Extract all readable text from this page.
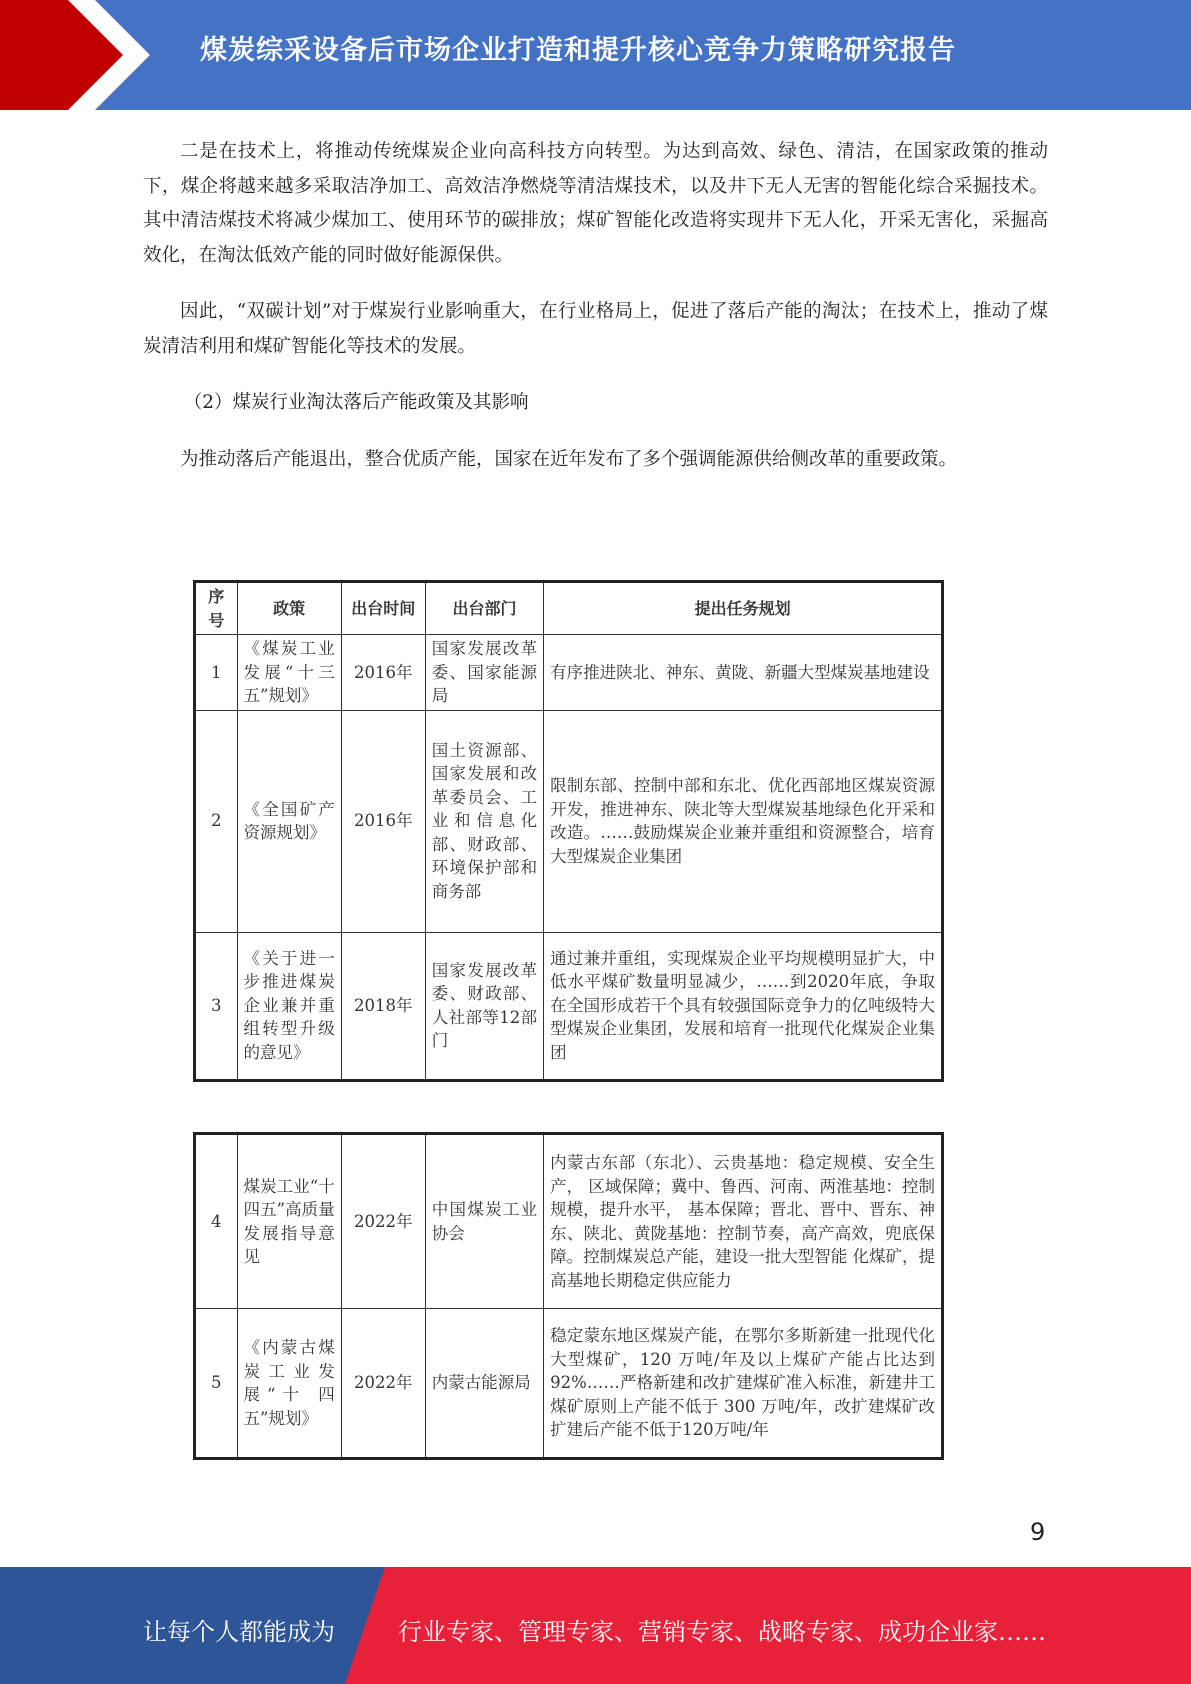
煤炭综采设备后市场企业打造和提升核心竞争力策略研究报告

二是在技术上，将推动传统煤炭企业向高科技方向转型。为达到高效、绿色、清洁，在国家政策的推动下，煤企将越来越多采取洁净加工、高效洁净燃烧等清洁煤技术，以及井下无人无害的智能化综合采掘技术。其中清洁煤技术将减少煤加工、使用环节的碳排放；煤矿智能化改造将实现井下无人化，开采无害化，采掘高效化，在淘汰低效产能的同时做好能源保供。

因此，“双碳计划”对于煤炭行业影响重大，在行业格局上，促进了落后产能的淘汰；在技术上，推动了煤炭清洁利用和煤矿智能化等技术的发展。

（2）煤炭行业淘汰落后产能政策及其影响

为推动落后产能退出，整合优质产能，国家在近年发布了多个强调能源供给侧改革的重要政策。

序号	政策	出台时间	出台部门	提出任务规划
1	《煤炭工业发展“十三五”规划》	2016年	国家发展改革委、国家能源局	有序推进陕北、神东、黄陇、新疆大型煤炭基地建设
2	《全国矿产资源规划》	2016年	国土资源部、国家发展和改革委员会、工业和信息化部、财政部、环境保护部和商务部	限制东部、控制中部和东北、优化西部地区煤炭资源开发，推进神东、陕北等大型煤炭基地绿色化开采和改造。……鼓励煤炭企业兼并重组和资源整合，培育大型煤炭企业集团
3	《关于进一步推进煤炭企业兼并重组转型升级的意见》	2018年	国家发展改革委、财政部、人社部等12部门	通过兼并重组，实现煤炭企业平均规模明显扩大，中低水平煤矿数量明显减少，……到2020年底，争取在全国形成若干个具有较强国际竞争力的亿吨级特大型煤炭企业集团，发展和培育一批现代化煤炭企业集团
4	煤炭工业“十四五”高质量发展指导意见	2022年	中国煤炭工业协会	内蒙古东部（东北）、云贵基地：稳定规模、安全生产， 区域保障；冀中、鲁西、河南、两淮基地：控制规模，提升水平， 基本保障；晋北、晋中、晋东、神东、陕北、黄陇基地：控制节奏，高产高效，兜底保障。控制煤炭总产能，建设一批大型智能 化煤矿，提高基地长期稳定供应能力
5	《内蒙古煤炭工业发展“十 四五”规划》	2022年	内蒙古能源局	稳定蒙东地区煤炭产能，在鄂尔多斯新建一批现代化大型煤矿，120 万吨/年及以上煤矿产能占比达到 92%……严格新建和改扩建煤矿准入标准，新建井工煤矿原则上产能不低于 300 万吨/年，改扩建煤矿改扩建后产能不低于120万吨/年
9
让每个人都能成为	行业专家、管理专家、营销专家、战略专家、成功企业家……
